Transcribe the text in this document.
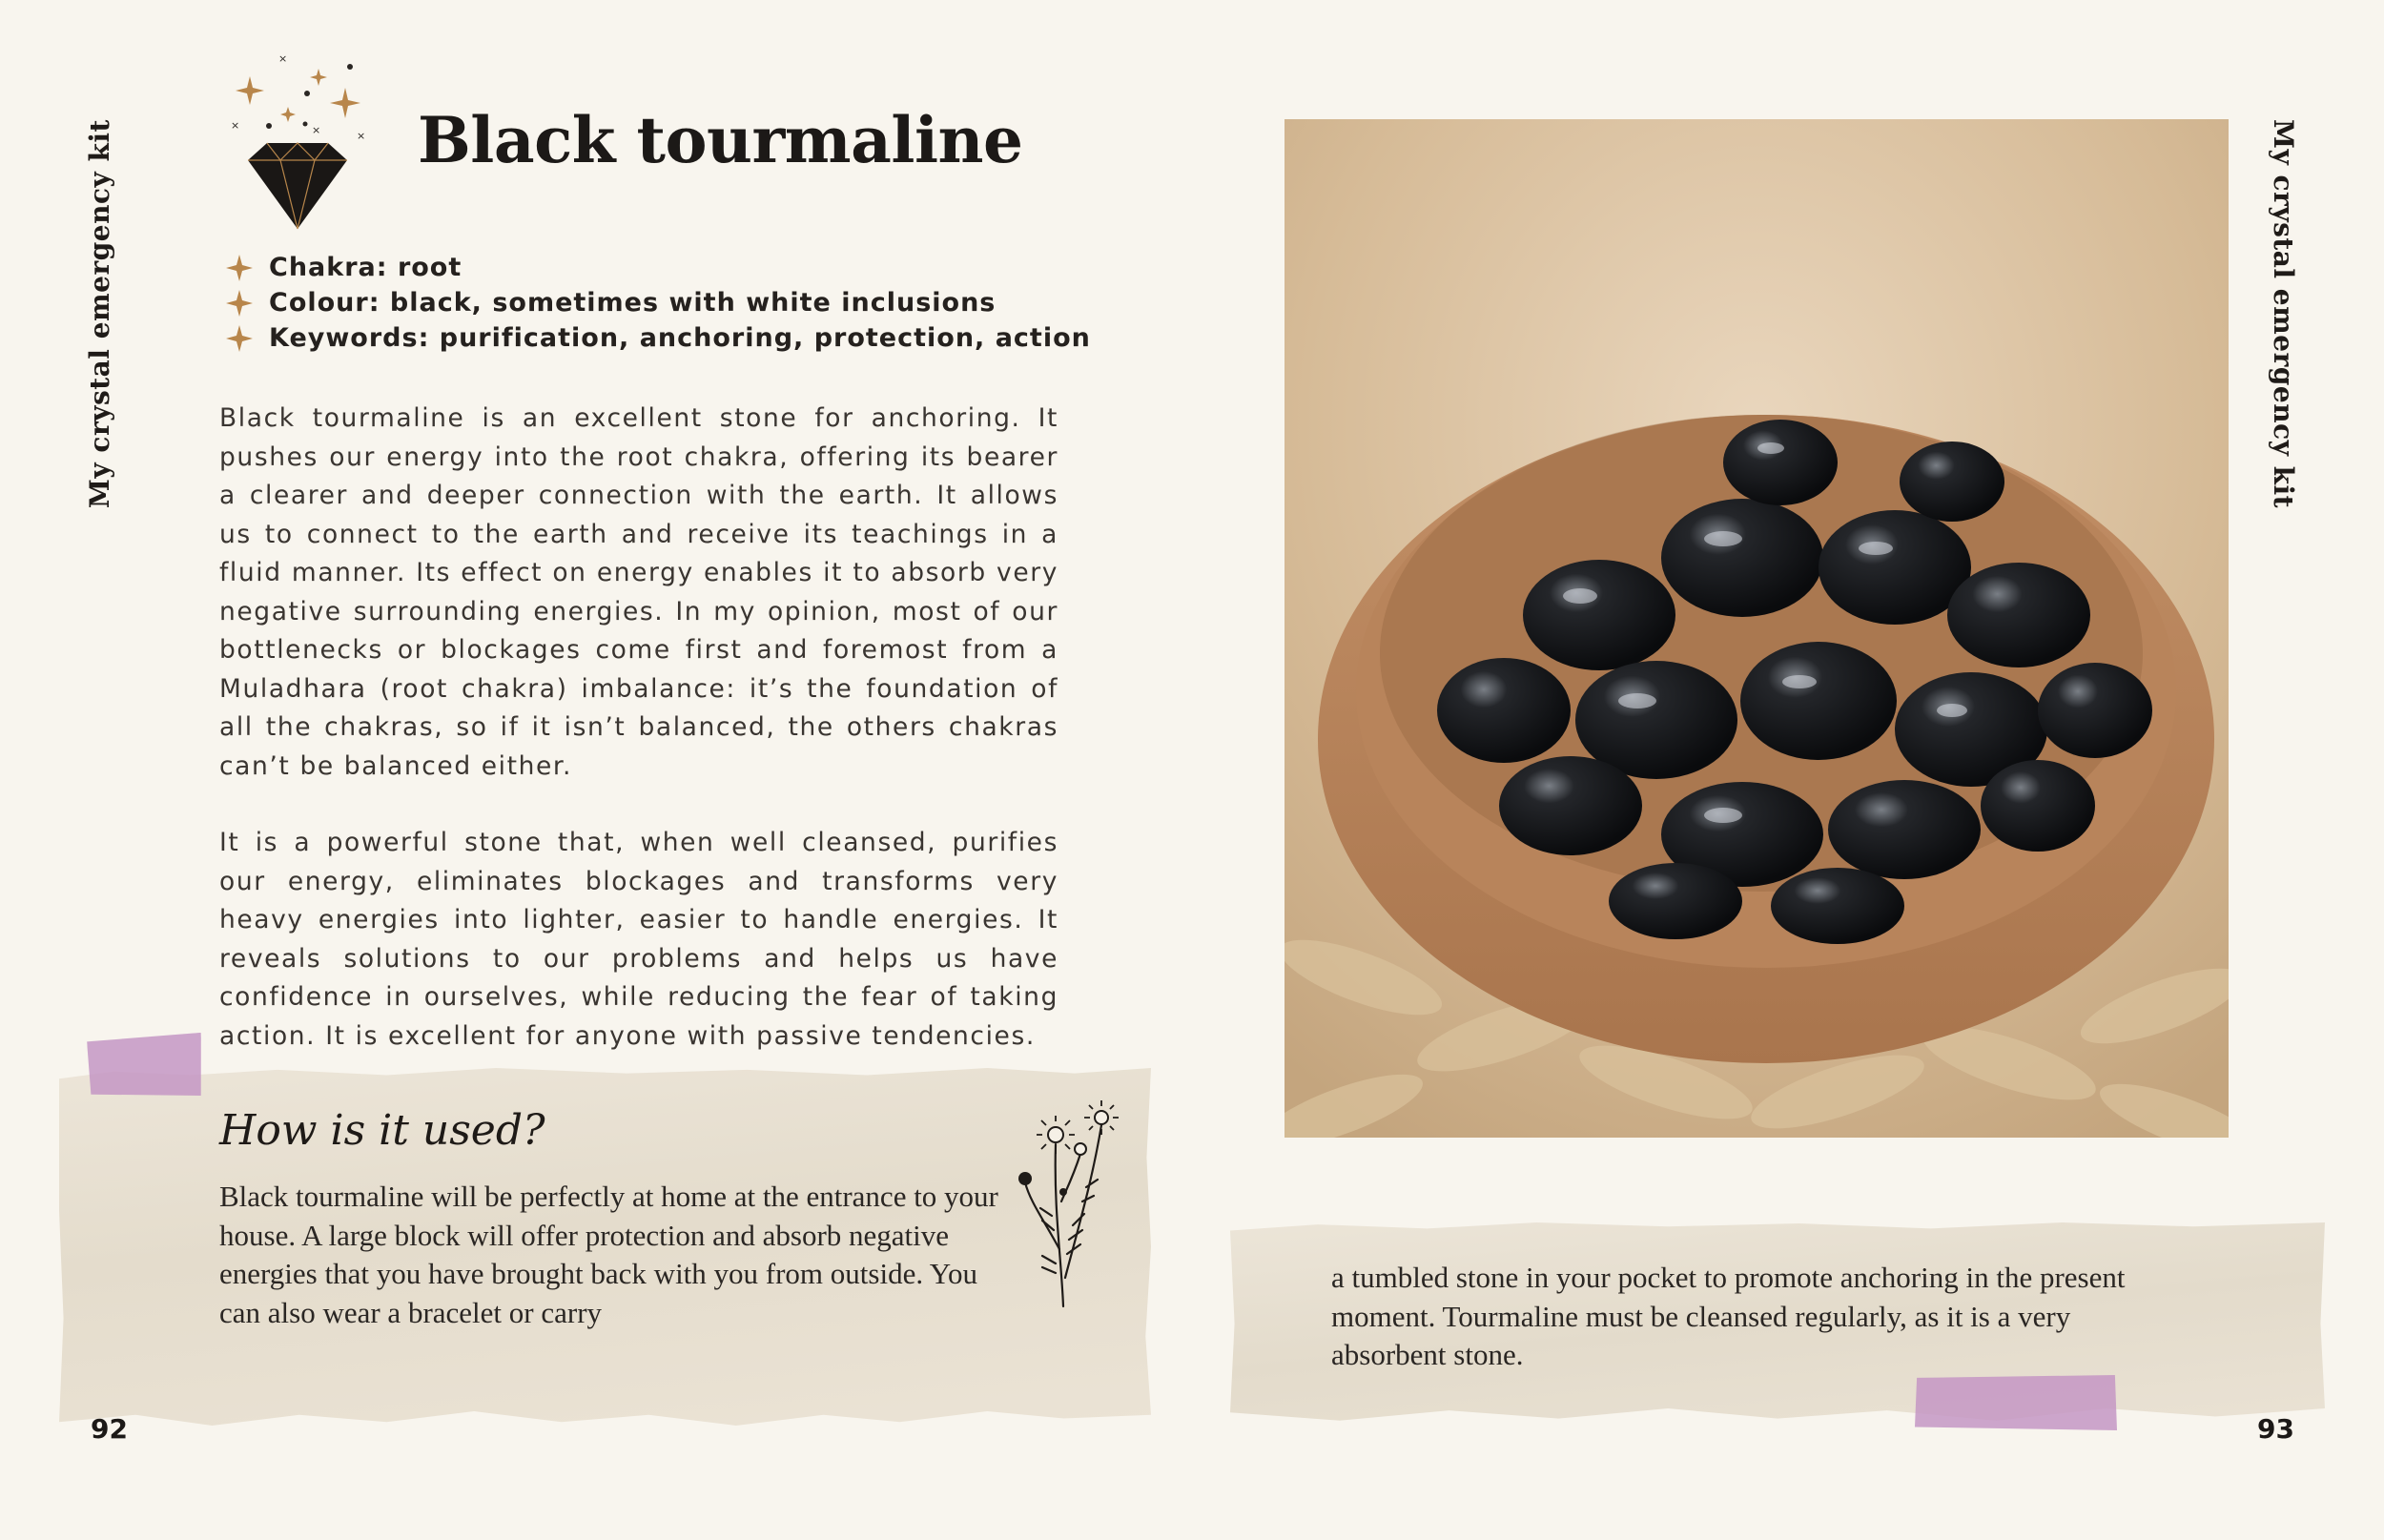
My crystal emergency kit	My crystal emergency kit
×
×	×	× Black tourmaline
Chakra: root
Colour: black, sometimes with white inclusions
Keywords: purification, anchoring, protection, action

Black tourmaline is an excellent stone for anchoring. It pushes our energy into the root chakra, offering its bearer a clearer and deeper connection with the earth. It allows us to connect to the earth and receive its teachings in a fluid manner. Its effect on energy enables it to absorb very negative surrounding energies. In my opinion, most of our bottlenecks or blockages come first and foremost from a Muladhara (root chakra) imbalance: it’s the foundation of all the chakras, so if it isn’t balanced, the others chakras can’t be balanced either.

It is a powerful stone that, when well cleansed, purifies our energy, eliminates blockages and transforms very heavy energies into lighter, easier to handle energies. It reveals solutions to our problems and helps us have confidence in ourselves, while reducing the fear of taking action. It is excellent for anyone with passive tendencies.

How is it used?

Black tourmaline will be perfectly at home at the entrance to your house. A large block will offer protection and absorb negative energies that you have brought back with you from outside. You can also wear a bracelet or carry

92

a tumbled stone in your pocket to promote anchoring in the present moment. Tourmaline must be cleansed regularly, as it is a very absorbent stone.

93
